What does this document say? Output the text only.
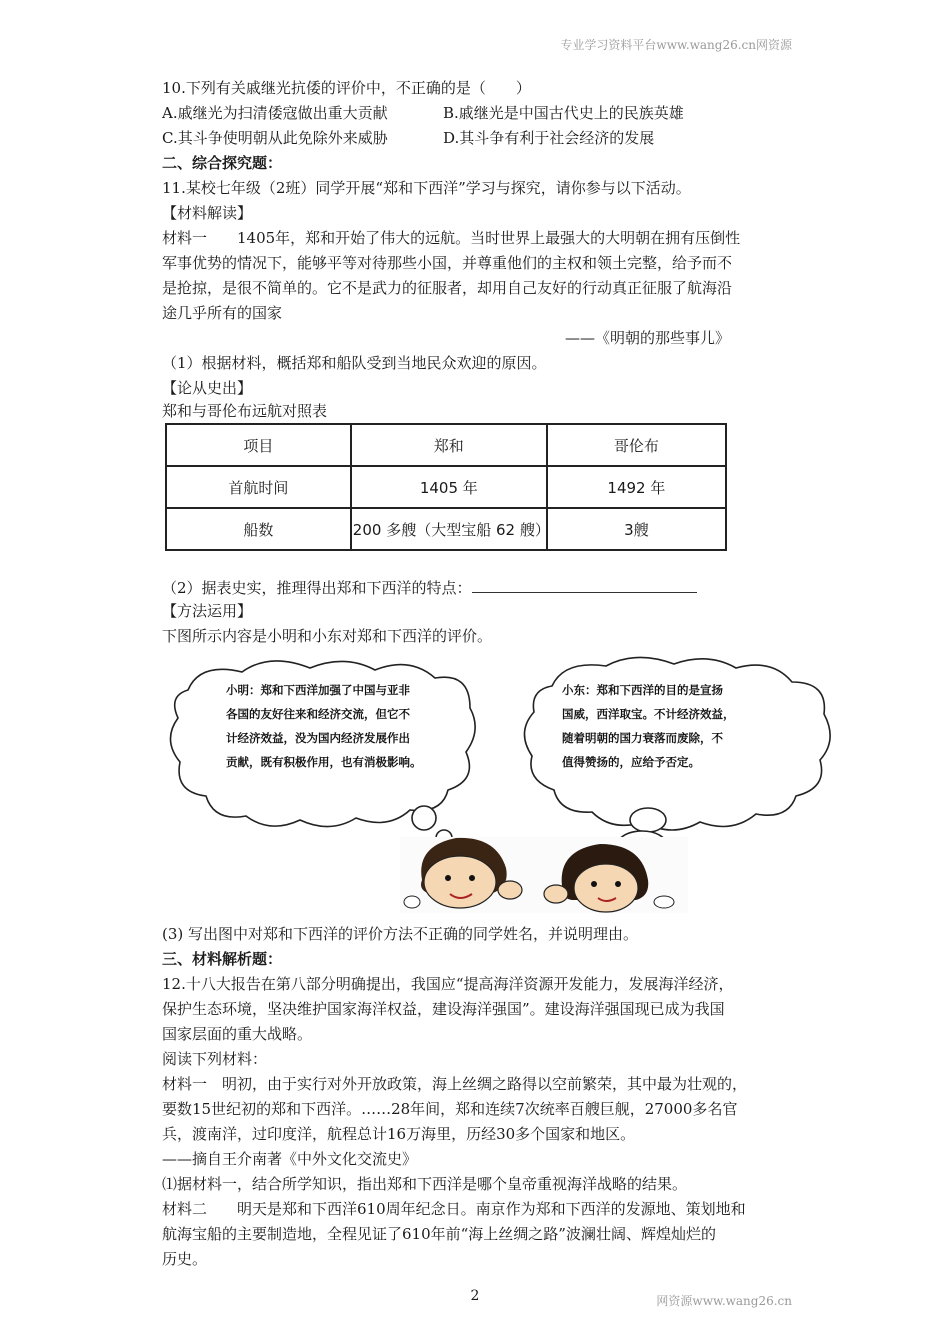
专业学习资料平台www.wang26.cn网资源
10.下列有关戚继光抗倭的评价中，不正确的是（　　）
A.戚继光为扫清倭寇做出重大贡献	B.戚继光是中国古代史上的民族英雄
C.其斗争使明朝从此免除外来威胁	D.其斗争有利于社会经济的发展
二、综合探究题：
11.某校七年级（2班）同学开展“郑和下西洋”学习与探究，请你参与以下活动。
【材料解读】
材料一　　1405年，郑和开始了伟大的远航。当时世界上最强大的大明朝在拥有压倒性
军事优势的情况下，能够平等对待那些小国，并尊重他们的主权和领土完整，给予而不
是抢掠，是很不简单的。它不是武力的征服者，却用自己友好的行动真正征服了航海沿
途几乎所有的国家
——《明朝的那些事儿》
（1）根据材料，概括郑和船队受到当地民众欢迎的原因。
【论从史出】
郑和与哥伦布远航对照表
项目	郑和	哥伦布
首航时间	1405 年	1492 年
船数	200 多艘（大型宝船 62 艘）	3艘
（2）据表史实，推理得出郑和下西洋的特点：
【方法运用】
下图所示内容是小明和小东对郑和下西洋的评价。
小明：郑和下西洋加强了中国与亚非
各国的友好往来和经济交流，但它不
计经济效益，没为国内经济发展作出
贡献，既有积极作用，也有消极影响。
小东：郑和下西洋的目的是宣扬
国威，西洋取宝。不计经济效益，
随着明朝的国力衰落而废除，不
值得赞扬的，应给予否定。
(3) 写出图中对郑和下西洋的评价方法不正确的同学姓名，并说明理由。
三、材料解析题：
12.十八大报告在第八部分明确提出，我国应“提高海洋资源开发能力，发展海洋经济，
保护生态环境，坚决维护国家海洋权益，建设海洋强国”。建设海洋强国现已成为我国
国家层面的重大战略。
阅读下列材料：
材料一　明初，由于实行对外开放政策，海上丝绸之路得以空前繁荣，其中最为壮观的，
要数15世纪初的郑和下西洋。……28年间，郑和连续7次统率百艘巨舰，27000多名官
兵，渡南洋，过印度洋，航程总计16万海里，历经30多个国家和地区。
——摘自王介南著《中外文化交流史》
⑴据材料一，结合所学知识，指出郑和下西洋是哪个皇帝重视海洋战略的结果。
材料二　　明天是郑和下西洋610周年纪念日。南京作为郑和下西洋的发源地、策划地和
航海宝船的主要制造地，全程见证了610年前“海上丝绸之路”波澜壮阔、辉煌灿烂的
历史。
2	网资源www.wang26.cn
